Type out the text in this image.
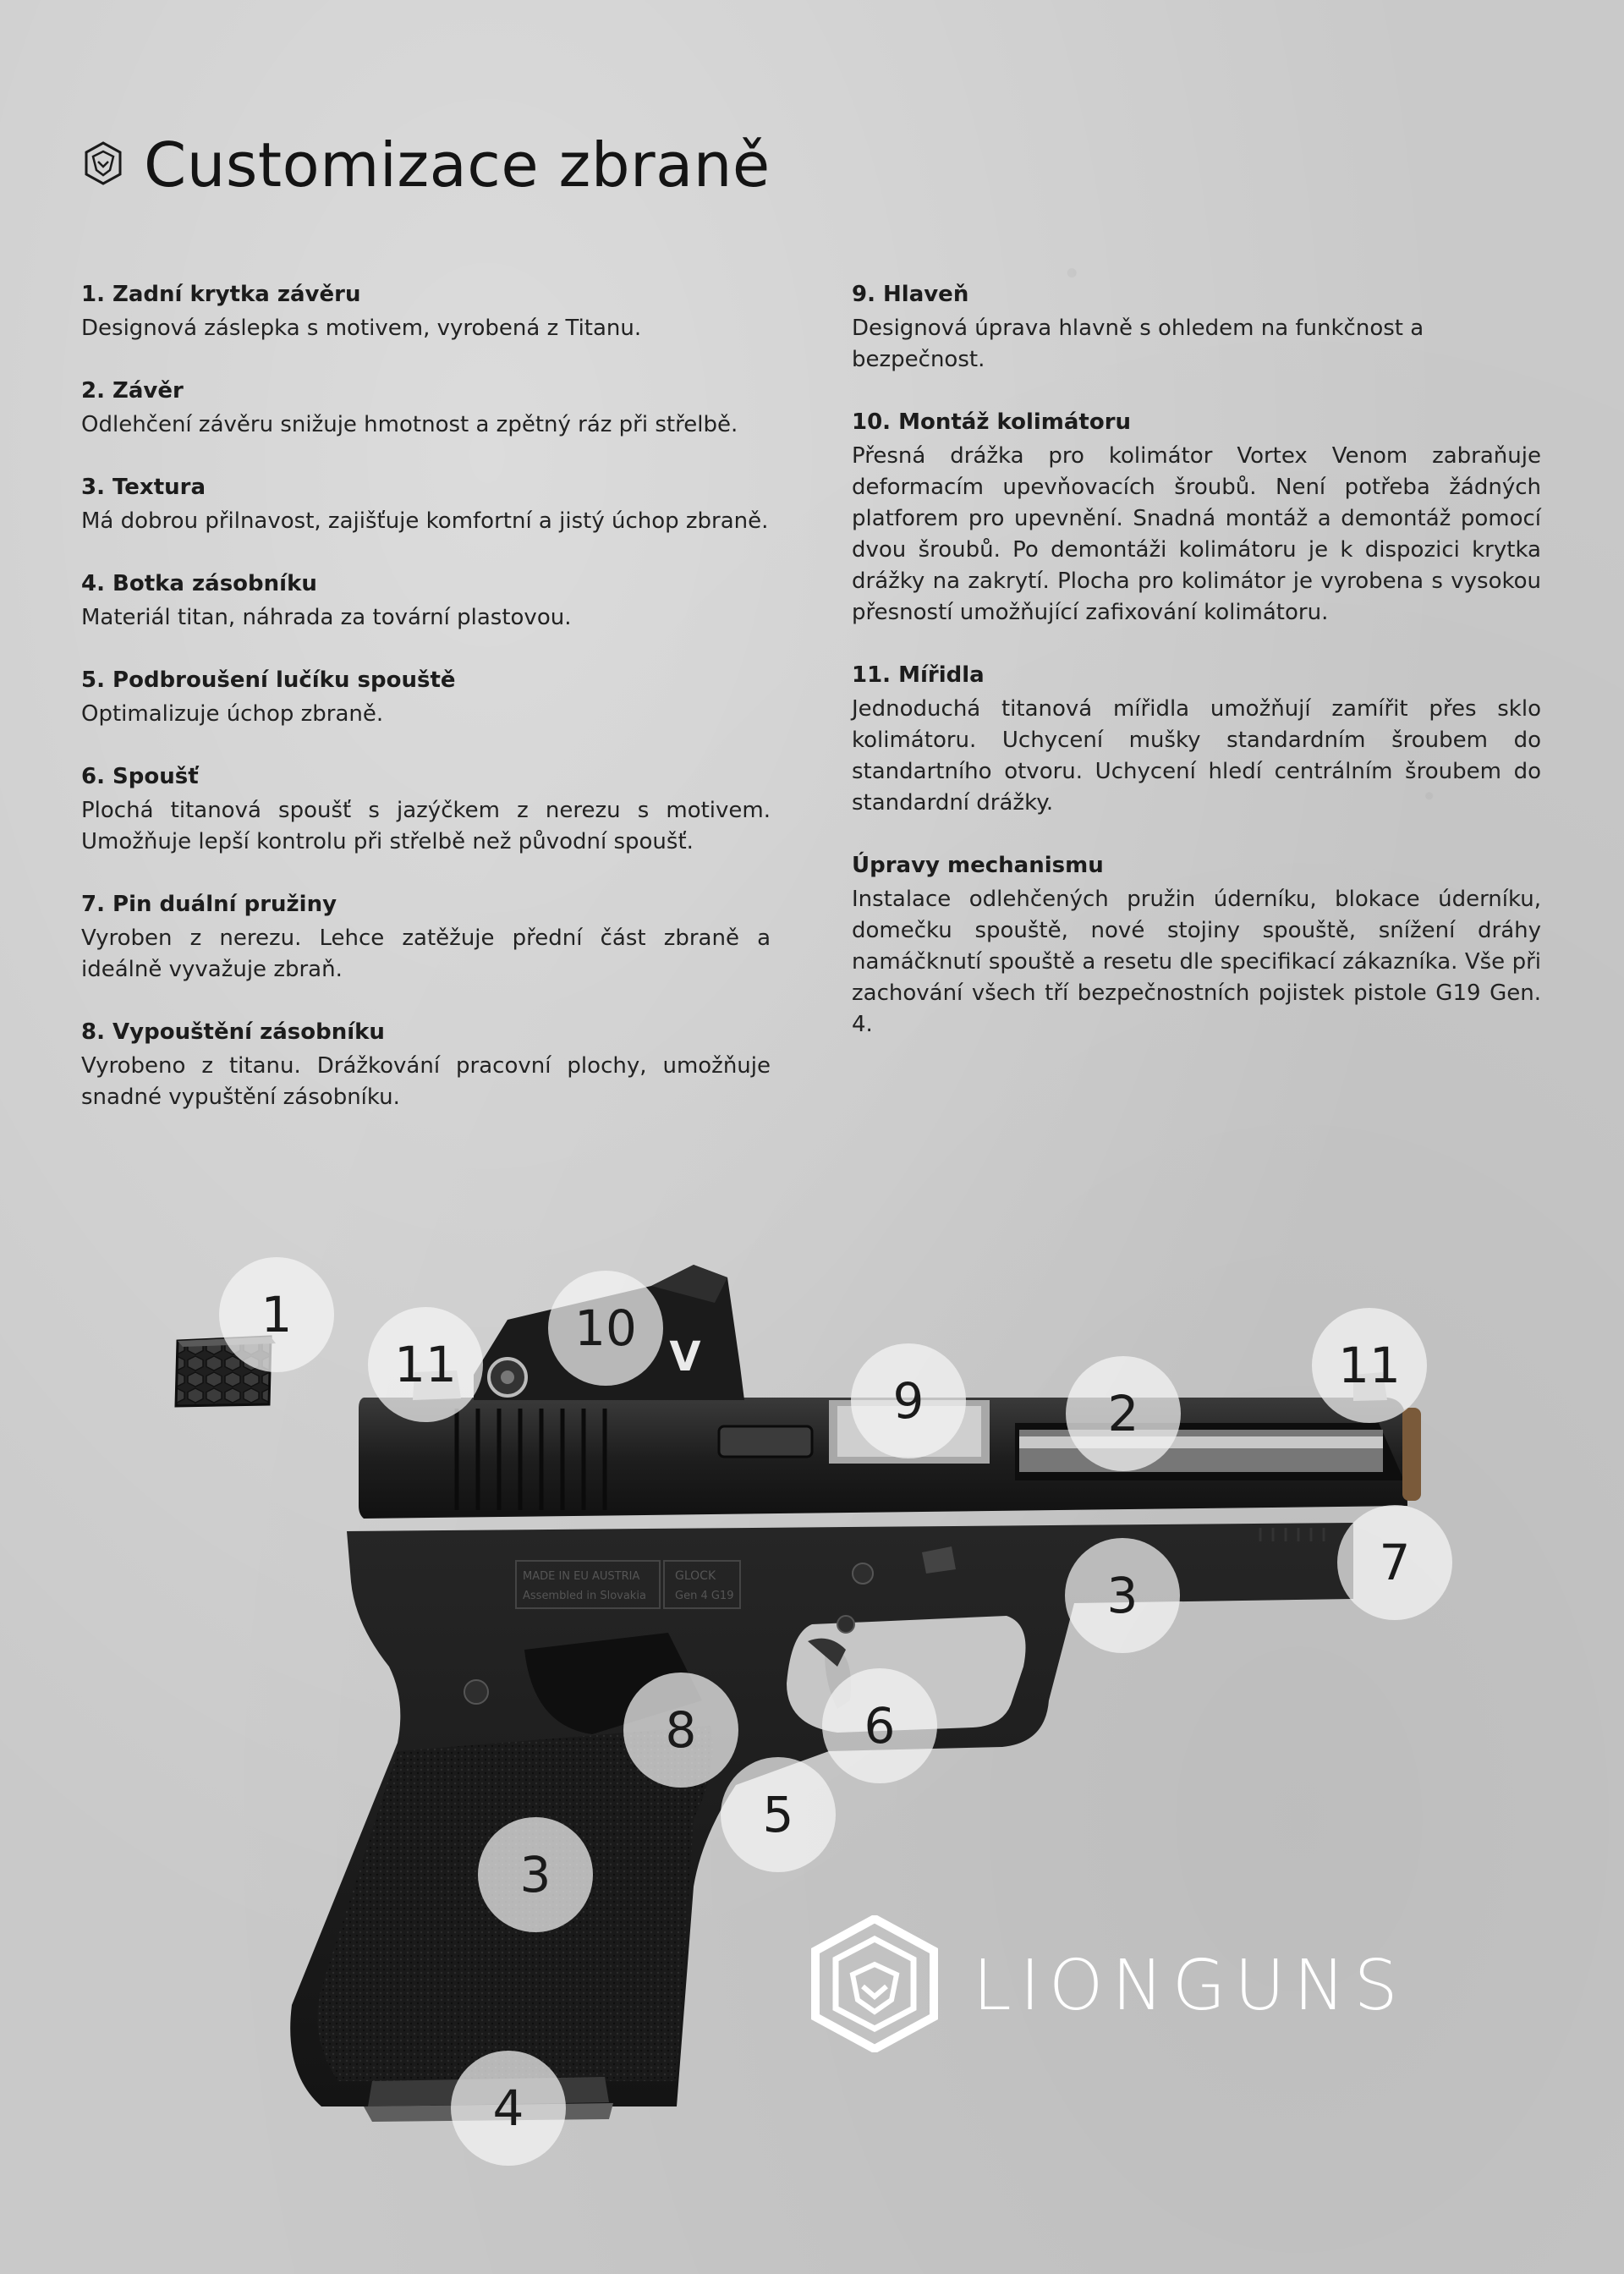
Customizace zbraně
1. Zadní krytka závěru

Designová záslepka s motivem, vyrobená z Titanu.

2. Závěr

Odlehčení závěru snižuje hmotnost a zpětný ráz při střelbě.

3. Textura

Má dobrou přilnavost, zajišťuje komfortní a jistý úchop zbraně.

4. Botka zásobníku

Materiál titan, náhrada za tovární plastovou.

5. Podbroušení lučíku spouště

Optimalizuje úchop zbraně.

6. Spoušť

Plochá titanová spoušť s jazýčkem z nerezu s motivem. Umožňuje lepší kontrolu při střelbě než původní spoušť.

7. Pin duální pružiny

Vyroben z nerezu. Lehce zatěžuje přední část zbraně a ideálně vyvažuje zbraň.

8. Vypouštění zásobníku

Vyrobeno z titanu. Drážkování pracovní plochy, umožňuje snadné vypuštění zásobníku.

9. Hlaveň

Designová úprava hlavně s ohledem na funkčnost a bezpečnost.

10. Montáž kolimátoru

Přesná drážka pro kolimátor Vortex Venom zabraňuje deformacím upevňovacích šroubů. Není potřeba žádných platforem pro upevnění. Snadná montáž a demontáž pomocí dvou šroubů. Po demontáži kolimátoru je k dispozici krytka drážky na zakrytí. Plocha pro kolimátor je vyrobena s vysokou přesností umožňující zafixování kolimátoru.

11. Mířidla

Jednoduchá titanová mířidla umožňují zamířit přes sklo kolimátoru. Uchycení mušky standardním šroubem do standartního otvoru. Uchycení hledí centrálním šroubem do standardní drážky.

Úpravy mechanismu

Instalace odlehčených pružin úderníku, blokace úderníku, domečku spouště, nové stojiny spouště, snížení dráhy namáčknutí spouště a resetu dle specifikací zákazníka. Vše při zachování všech tří bezpečnostních pojistek pistole G19 Gen. 4.

V
MADE IN EU AUSTRIA
Assembled in Slovakia
GLOCK
Gen 4 G19
1
11
10
9	2
11
7
3
8	6
5
3
4
LIONGUNS
